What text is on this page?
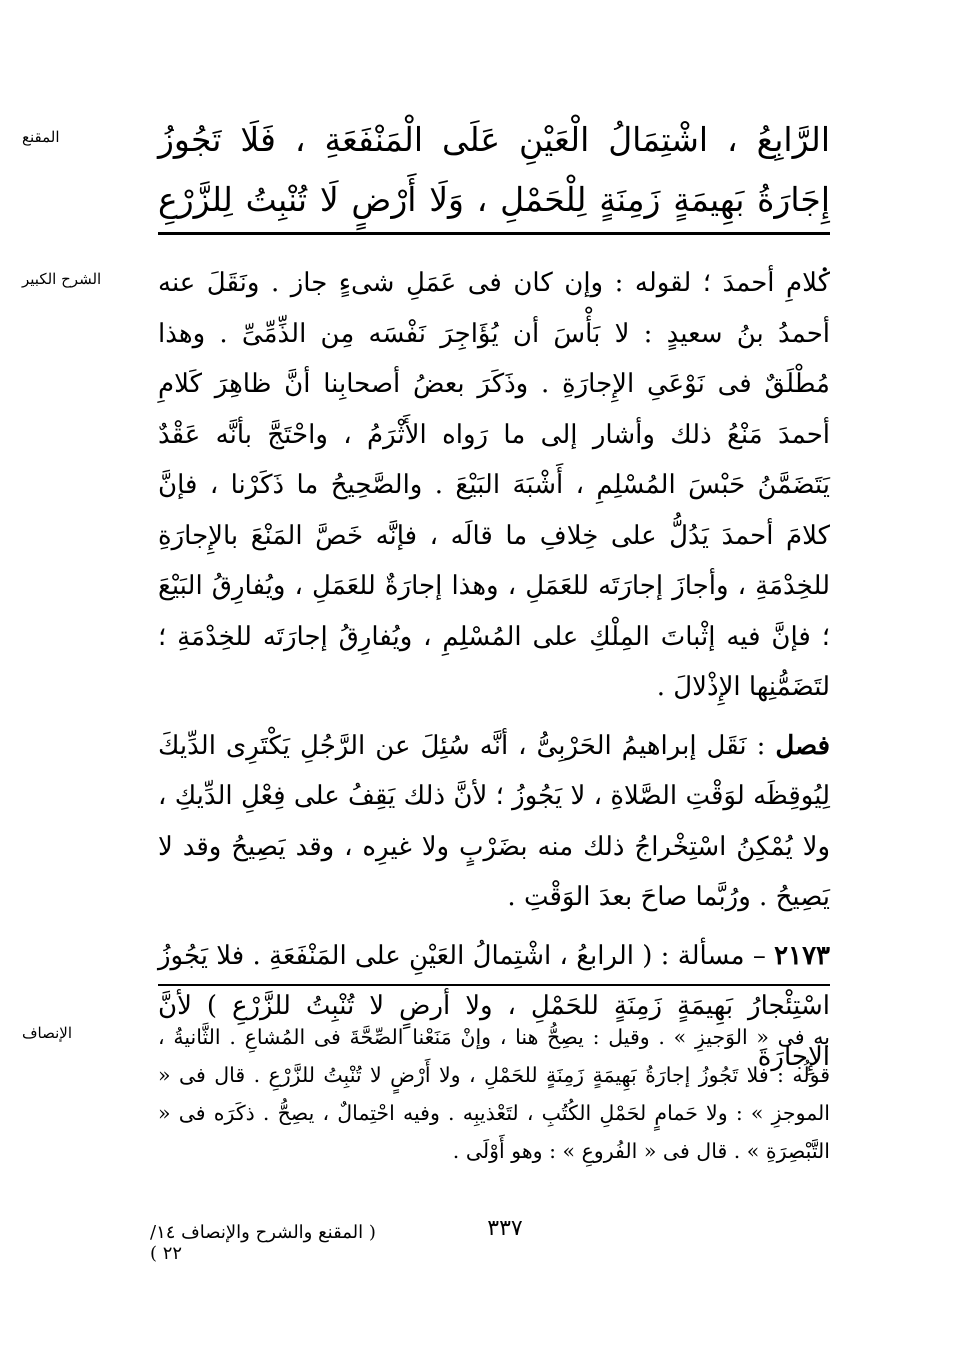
المقنع	الرَّابِعُ ، اشْتِمَالُ الْعَيْنِ عَلَى الْمَنْفَعَةِ ، فَلَا تَجُوزُ إِجَارَةُ بَهِيمَةٍ زَمِنَةٍ لِلْحَمْلِ ، وَلَا أَرْضٍ لَا تُنْبِتُ لِلزَّرْعِ .
الشرح الكبير	كلامِ أحمدَ ؛ لقوله : وإن كان فى عَمَلِ شىءٍ جاز . ونَقَلَ عنه أحمدُ بنُ سعيدٍ : لا بَأْسَ أن يُؤَاجِرَ نَفْسَه مِن الذِّمِّىِّ . وهذا مُطْلَقٌ فى نَوْعَىِ الإِجارَةِ . وذَكَرَ بعضُ أصحابِنا أنَّ ظاهِرَ كَلامِ أحمدَ مَنْعُ ذلك وأشار إلى ما رَواه الأَثْرَمُ ، واحْتَجَّ بأنَّه عَقْدٌ يَتَضَمَّنُ حَبْسَ المُسْلِمِ ، أَشْبَهَ البَيْعَ . والصَّحِيحُ ما ذَكَرْنا ، فإنَّ كلامَ أحمدَ يَدُلُّ على خِلافِ ما قالَه ، فإنَّه خَصَّ المَنْعَ بالإِجارَةِ للخِدْمَةِ ، وأجازَ إجارَتَه للعَمَلِ ، وهذا إجارَةٌ للعَمَلِ ، ويُفارِقُ البَيْعَ ؛ فإنَّ فيه إثْباتَ المِلْكِ على المُسْلِمِ ، ويُفارِقُ إجارَتَه للخِدْمَةِ ؛ لتَضَمُّنِها الإِذْلالَ .

فصل : نَقَل إبراهيمُ الحَرْبِىُّ ، أنَّه سُئِلَ عن الرَّجُلِ يَكْتَرِى الدِّيكَ لِيُوقِظَه لوَقْتِ الصَّلاةِ ، لا يَجُوزُ ؛ لأنَّ ذلك يَقِفُ على فِعْلِ الدِّيكِ ، ولا يُمْكِنُ اسْتِخْراجُ ذلك منه بضَرْبٍ ولا غيرِه ، وقد يَصِيحُ وقد لا يَصِيحُ . ورُبَّما صاحَ بعدَ الوَقْتِ .

٢١٧٣ – مسألة : ( الرابعُ ، اشْتِمالُ العَيْنِ على المَنْفَعَةِ . فلا يَجُوزُ اسْتِئْجارُ بَهِيمَةٍ زَمِنَةٍ للحَمْلِ ، ولا أرضٍ لا تُنْبِتُ للزَّرْعِ ) لأنَّ الإِجارَةَ

الإنصاف	به فى « الوَجيزِ » . وقيل : يصِحُّ هنا ، وإنْ مَنَعْنا الصِّحَّةَ فى المُشاعِ . الثَّانيةُ ، قولُه : فلا تَجُوزُ إجارَةُ بَهِيمَةٍ زَمِنَةٍ للحَمْلِ ، ولا أَرْضٍ لا تُنْبِتُ للزَّرْعِ . قال فى « الموجزِ » : ولا حَمامٍ لحَمْلِ الكُتُبِ ، لتَعْذيبِه . وفيه احْتِمالٌ ، يصِحُّ . ذكَرَه فى « التَّبْصِرَةِ » . قال فى « الفُروعِ » : وهو أَوْلَى .
٣٣٧
( المقنع والشرح والإنصاف ١٤/ ٢٢ )
